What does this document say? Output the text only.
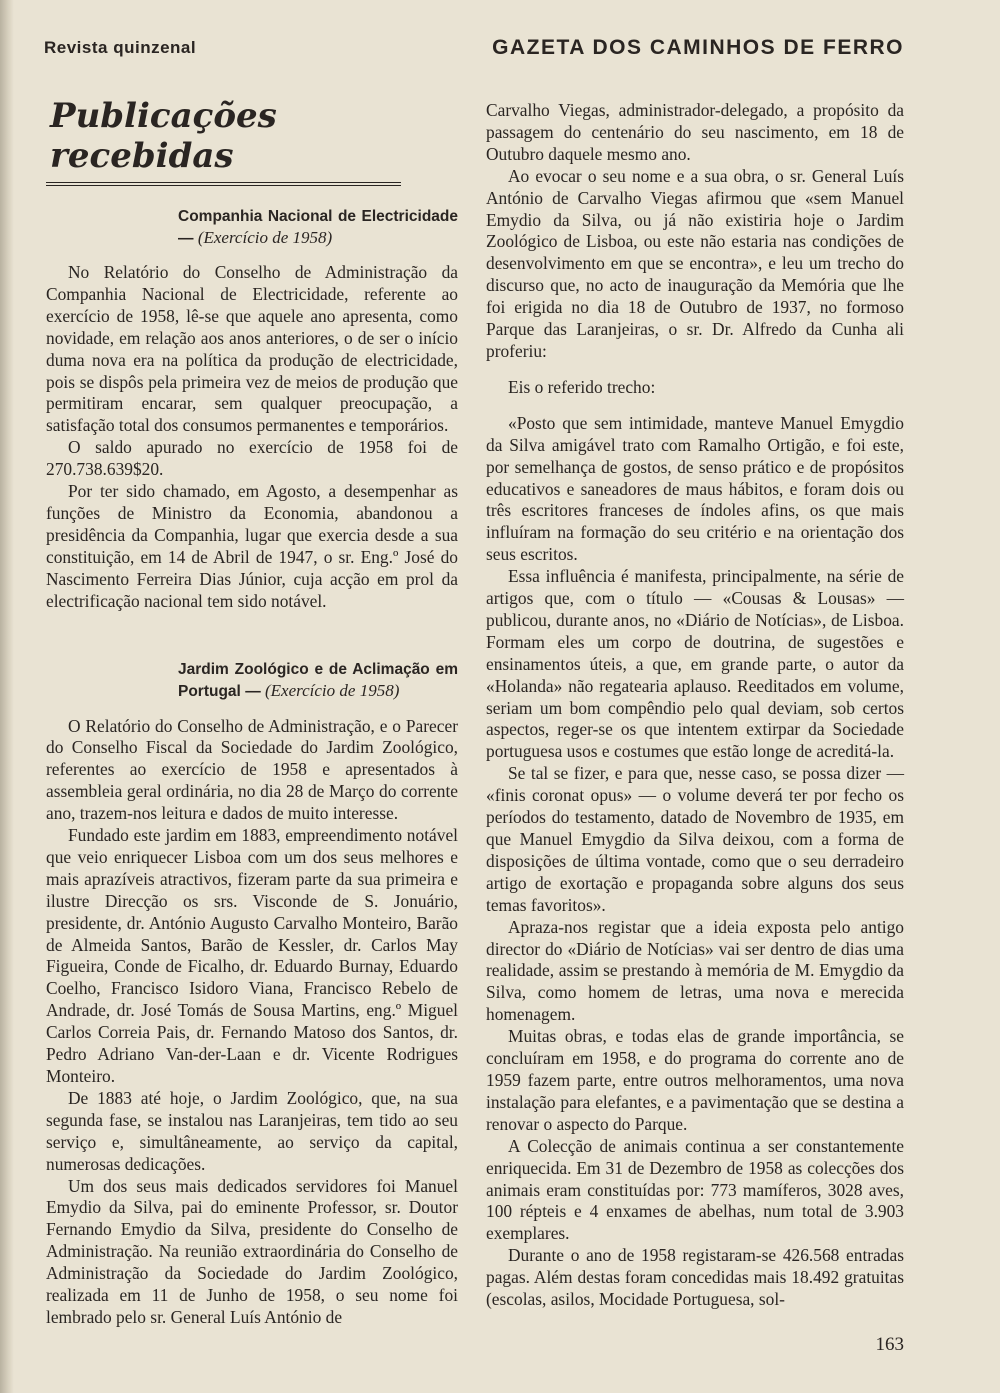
Revista quinzenal	GAZETA DOS CAMINHOS DE FERRO
Publicações recebidas
Companhia Nacional de Electricidade — (Exercício de 1958)

No Relatório do Conselho de Administração da Companhia Nacional de Electricidade, referente ao exercício de 1958, lê-se que aquele ano apresenta, como novidade, em relação aos anos anteriores, o de ser o início duma nova era na política da produção de electricidade, pois se dispôs pela primeira vez de meios de produção que permitiram encarar, sem qualquer preocupação, a satisfação total dos consumos permanentes e temporários.

O saldo apurado no exercício de 1958 foi de 270.738.639$20.

Por ter sido chamado, em Agosto, a desempenhar as funções de Ministro da Economia, abandonou a presidência da Companhia, lugar que exercia desde a sua constituição, em 14 de Abril de 1947, o sr. Eng.º José do Nascimento Ferreira Dias Júnior, cuja acção em prol da electrificação nacional tem sido notável.

Jardim Zoológico e de Aclimação em Portugal — (Exercício de 1958)

O Relatório do Conselho de Administração, e o Parecer do Conselho Fiscal da Sociedade do Jardim Zoológico, referentes ao exercício de 1958 e apresentados à assembleia geral ordinária, no dia 28 de Março do corrente ano, trazem-nos leitura e dados de muito interesse.

Fundado este jardim em 1883, empreendimento notável que veio enriquecer Lisboa com um dos seus melhores e mais aprazíveis atractivos, fizeram parte da sua primeira e ilustre Direcção os srs. Visconde de S. Jonuário, presidente, dr. António Augusto Carvalho Monteiro, Barão de Almeida Santos, Barão de Kessler, dr. Carlos May Figueira, Conde de Ficalho, dr. Eduardo Burnay, Eduardo Coelho, Francisco Isidoro Viana, Francisco Rebelo de Andrade, dr. José Tomás de Sousa Martins, eng.º Miguel Carlos Correia Pais, dr. Fernando Matoso dos Santos, dr. Pedro Adriano Van-der-Laan e dr. Vicente Rodrigues Monteiro.

De 1883 até hoje, o Jardim Zoológico, que, na sua segunda fase, se instalou nas Laranjeiras, tem tido ao seu serviço e, simultâneamente, ao serviço da capital, numerosas dedicações.

Um dos seus mais dedicados servidores foi Manuel Emydio da Silva, pai do eminente Professor, sr. Doutor Fernando Emydio da Silva, presidente do Conselho de Administração. Na reunião extraordinária do Conselho de Administração da Sociedade do Jardim Zoológico, realizada em 11 de Junho de 1958, o seu nome foi lembrado pelo sr. General Luís António de

Carvalho Viegas, administrador-delegado, a propósito da passagem do centenário do seu nascimento, em 18 de Outubro daquele mesmo ano.

Ao evocar o seu nome e a sua obra, o sr. General Luís António de Carvalho Viegas afirmou que «sem Manuel Emydio da Silva, ou já não existiria hoje o Jardim Zoológico de Lisboa, ou este não estaria nas condições de desenvolvimento em que se encontra», e leu um trecho do discurso que, no acto de inauguração da Memória que lhe foi erigida no dia 18 de Outubro de 1937, no formoso Parque das Laranjeiras, o sr. Dr. Alfredo da Cunha ali proferiu:

Eis o referido trecho:

«Posto que sem intimidade, manteve Manuel Emygdio da Silva amigável trato com Ramalho Ortigão, e foi este, por semelhança de gostos, de senso prático e de propósitos educativos e saneadores de maus hábitos, e foram dois ou três escritores franceses de índoles afins, os que mais influíram na formação do seu critério e na orientação dos seus escritos.

Essa influência é manifesta, principalmente, na série de artigos que, com o título — «Cousas & Lousas» — publicou, durante anos, no «Diário de Notícias», de Lisboa. Formam eles um corpo de doutrina, de sugestões e ensinamentos úteis, a que, em grande parte, o autor da «Holanda» não regatearia aplauso. Reeditados em volume, seriam um bom compêndio pelo qual deviam, sob certos aspectos, reger-se os que intentem extirpar da Sociedade portuguesa usos e costumes que estão longe de acreditá-la.

Se tal se fizer, e para que, nesse caso, se possa dizer — «finis coronat opus» — o volume deverá ter por fecho os períodos do testamento, datado de Novembro de 1935, em que Manuel Emygdio da Silva deixou, com a forma de disposições de última vontade, como que o seu derradeiro artigo de exortação e propaganda sobre alguns dos seus temas favoritos».

Apraza-nos registar que a ideia exposta pelo antigo director do «Diário de Notícias» vai ser dentro de dias uma realidade, assim se prestando à memória de M. Emygdio da Silva, como homem de letras, uma nova e merecida homenagem.

Muitas obras, e todas elas de grande importância, se concluíram em 1958, e do programa do corrente ano de 1959 fazem parte, entre outros melhoramentos, uma nova instalação para elefantes, e a pavimentação que se destina a renovar o aspecto do Parque.

A Colecção de animais continua a ser constantemente enriquecida. Em 31 de Dezembro de 1958 as colecções dos animais eram constituídas por: 773 mamíferos, 3028 aves, 100 répteis e 4 enxames de abelhas, num total de 3.903 exemplares.

Durante o ano de 1958 registaram-se 426.568 entradas pagas. Além destas foram concedidas mais 18.492 gratuitas (escolas, asilos, Mocidade Portuguesa, sol-

163
